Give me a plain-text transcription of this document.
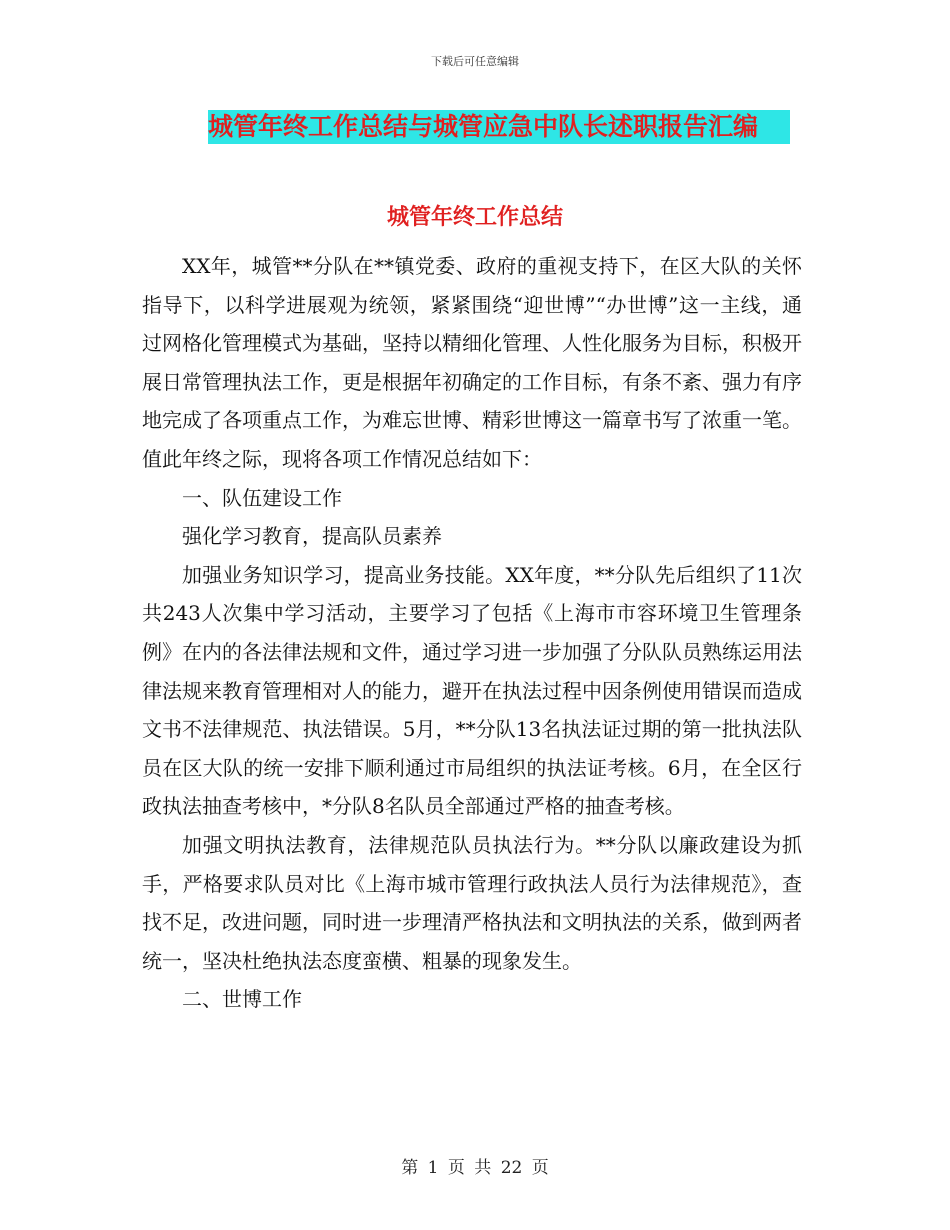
下载后可任意编辑
城管年终工作总结与城管应急中队长述职报告汇编
城管年终工作总结

XX年，城管**分队在**镇党委、政府的重视支持下，在区大队的关怀指导下，以科学进展观为统领，紧紧围绕“迎世博”“办世博”这一主线，通过网格化管理模式为基础，坚持以精细化管理、人性化服务为目标，积极开展日常管理执法工作，更是根据年初确定的工作目标，有条不紊、强力有序地完成了各项重点工作，为难忘世博、精彩世博这一篇章书写了浓重一笔。值此年终之际，现将各项工作情况总结如下：

一、队伍建设工作

强化学习教育，提高队员素养

加强业务知识学习，提高业务技能。XX年度，**分队先后组织了11次共243人次集中学习活动，主要学习了包括《上海市市容环境卫生管理条例》在内的各法律法规和文件，通过学习进一步加强了分队队员熟练运用法律法规来教育管理相对人的能力，避开在执法过程中因条例使用错误而造成文书不法律规范、执法错误。5月，**分队13名执法证过期的第一批执法队员在区大队的统一安排下顺利通过市局组织的执法证考核。6月，在全区行政执法抽查考核中，*分队8名队员全部通过严格的抽查考核。

加强文明执法教育，法律规范队员执法行为。**分队以廉政建设为抓手，严格要求队员对比《上海市城市管理行政执法人员行为法律规范》，查找不足，改进问题，同时进一步理清严格执法和文明执法的关系，做到两者统一，坚决杜绝执法态度蛮横、粗暴的现象发生。

二、世博工作

第 1 页 共 22 页
